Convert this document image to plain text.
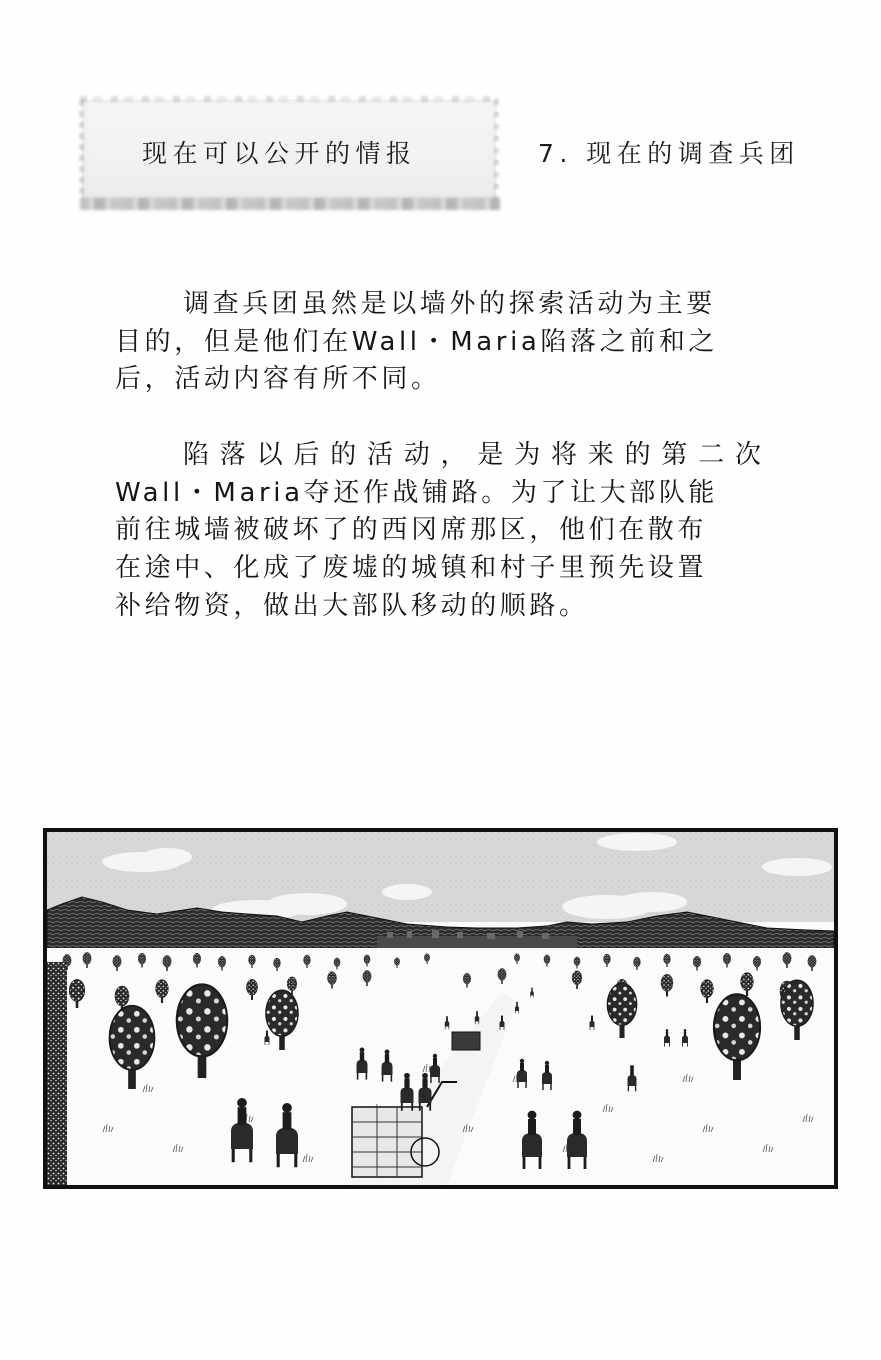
现在可以公开的情报	7. 现在的调查兵团
调查兵团虽然是以墙外的探索活动为主要
目的，但是他们在Wall・Maria陷落之前和之
后，活动内容有所不同。
陷落以后的活动，是为将来的第二次
Wall・Maria夺还作战铺路。为了让大部队能
前往城墙被破坏了的西冈席那区，他们在散布
在途中、化成了废墟的城镇和村子里预先设置
补给物资，做出大部队移动的顺路。
